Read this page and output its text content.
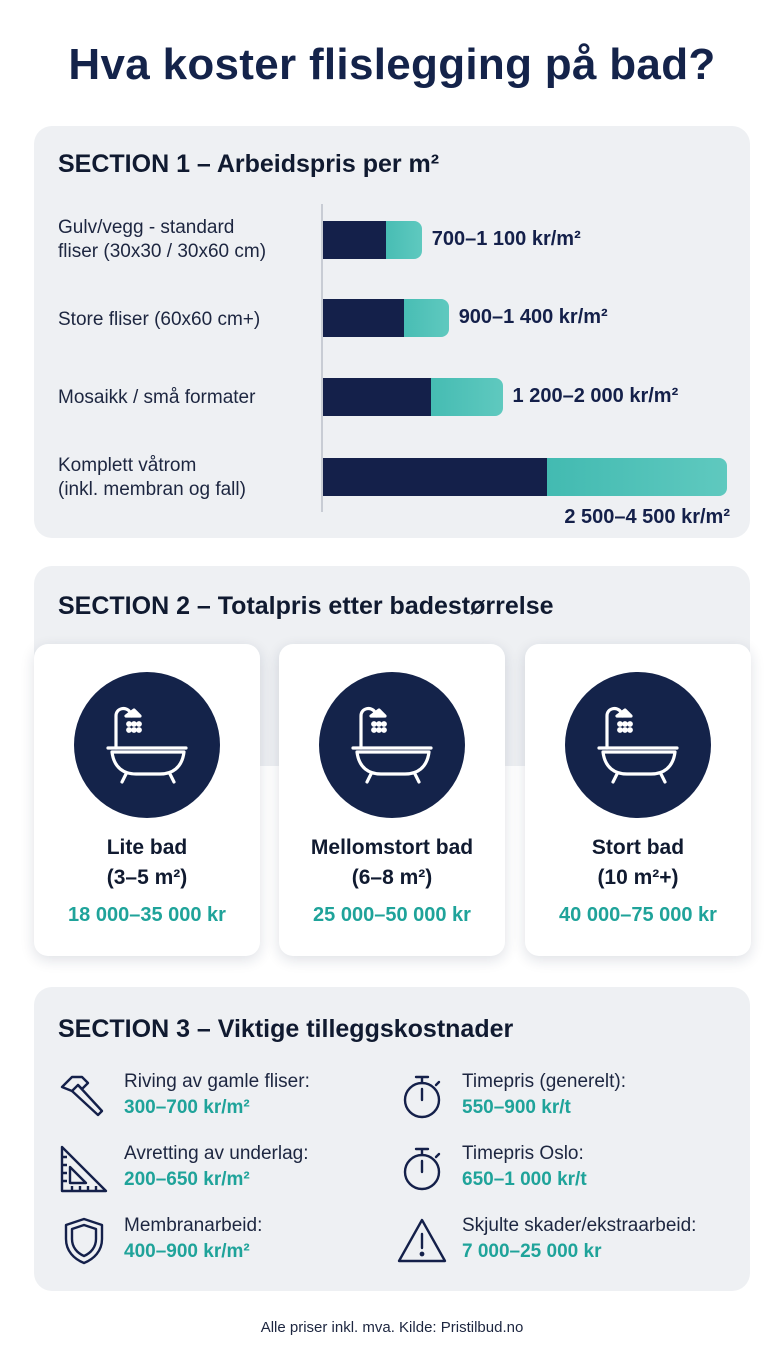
Hva koster flislegging på bad?
SECTION 1 – Arbeidspris per m²
Gulv/vegg - standard
fliser (30x30 / 30x60 cm)
700–1 100 kr/m²
Store fliser (60x60 cm+)	900–1 400 kr/m²
Mosaikk / små formater	1 200–2 000 kr/m²
Komplett våtrom
(inkl. membran og fall)
2 500–4 500 kr/m²
SECTION 2 – Totalpris etter badestørrelse
Lite bad
(3–5 m²)
18 000–35 000 kr
Mellomstort bad
(6–8 m²)
25 000–50 000 kr
Stort bad
(10 m²+)
40 000–75 000 kr
SECTION 3 – Viktige tilleggskostnader
Riving av gamle fliser:
300–700 kr/m²
Timepris (generelt):
550–900 kr/t
Avretting av underlag:
200–650 kr/m²
Timepris Oslo:
650–1 000 kr/t
Membranarbeid:
400–900 kr/m²
Skjulte skader/ekstraarbeid:
7 000–25 000 kr
Alle priser inkl. mva. Kilde: Pristilbud.no
